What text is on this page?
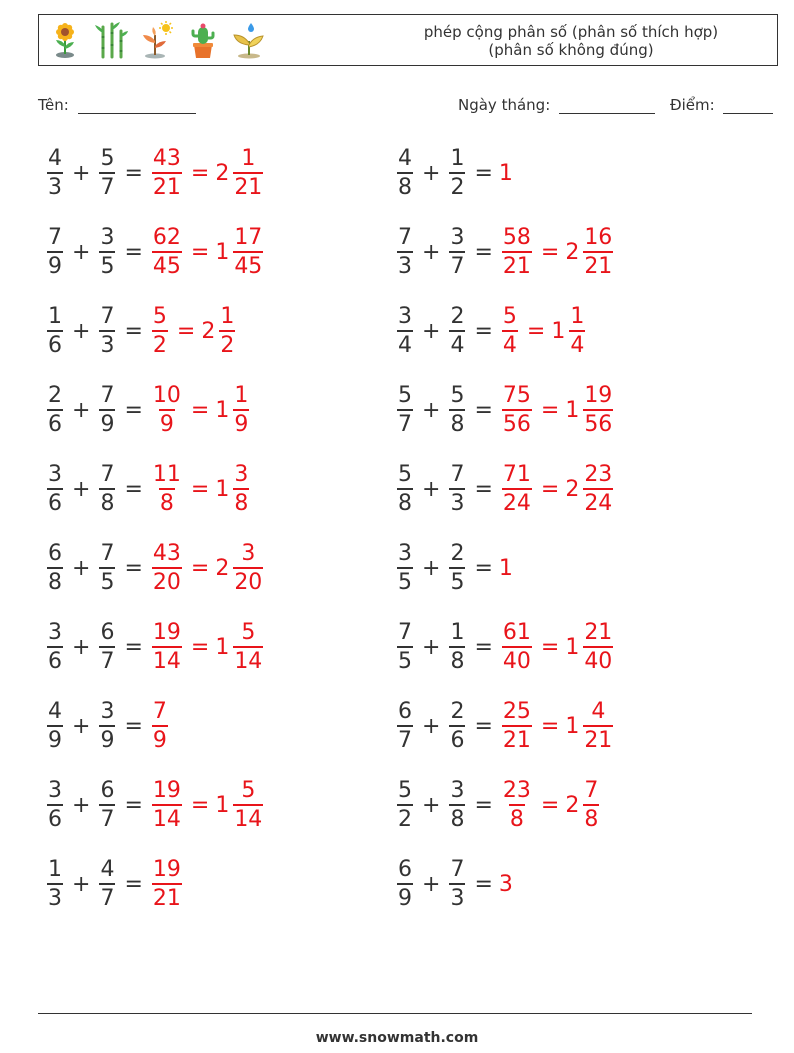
phép cộng phân số (phân số thích hợp)
(phân số không đúng)
Tên:	Ngày tháng:	Điểm:
$\frac{4}{3} + \frac{5}{7} = \frac{43}{21} = 2 \frac{1}{21}$	$\frac{4}{8} + \frac{1}{2} = 1$
$\frac{7}{9} + \frac{3}{5} = \frac{62}{45} = 1 \frac{17}{45}$	$\frac{7}{3} + \frac{3}{7} = \frac{58}{21} = 2 \frac{16}{21}$
$\frac{1}{6} + \frac{7}{3} = \frac{5}{2} = 2 \frac{1}{2}$	$\frac{3}{4} + \frac{2}{4} = \frac{5}{4} = 1 \frac{1}{4}$
$\frac{2}{6} + \frac{7}{9} = \frac{10}{9} = 1 \frac{1}{9}$	$\frac{5}{7} + \frac{5}{8} = \frac{75}{56} = 1 \frac{19}{56}$
$\frac{3}{6} + \frac{7}{8} = \frac{11}{8} = 1 \frac{3}{8}$	$\frac{5}{8} + \frac{7}{3} = \frac{71}{24} = 2 \frac{23}{24}$
$\frac{6}{8} + \frac{7}{5} = \frac{43}{20} = 2 \frac{3}{20}$	$\frac{3}{5} + \frac{2}{5} = 1$
$\frac{3}{6} + \frac{6}{7} = \frac{19}{14} = 1 \frac{5}{14}$	$\frac{7}{5} + \frac{1}{8} = \frac{61}{40} = 1 \frac{21}{40}$
$\frac{4}{9} + \frac{3}{9} = \frac{7}{9}$	$\frac{6}{7} + \frac{2}{6} = \frac{25}{21} = 1 \frac{4}{21}$
$\frac{3}{6} + \frac{6}{7} = \frac{19}{14} = 1 \frac{5}{14}$	$\frac{5}{2} + \frac{3}{8} = \frac{23}{8} = 2 \frac{7}{8}$
$\frac{1}{3} + \frac{4}{7} = \frac{19}{21}$	$\frac{6}{9} + \frac{7}{3} = 3$
www.snowmath.com
